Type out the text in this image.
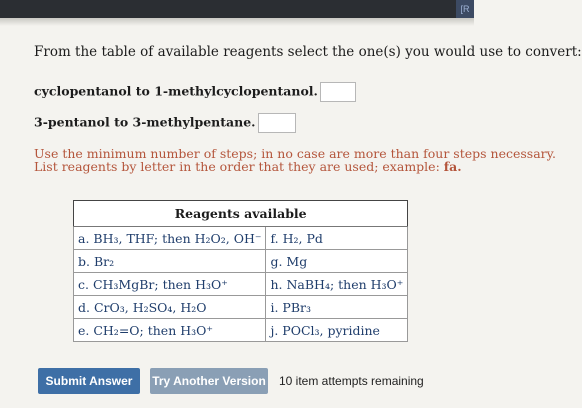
[R
From the table of available reagents select the one(s) you would use to convert:
cyclopentanol to 1-methylcyclopentanol.
3-pentanol to 3-methylpentane.
Use the minimum number of steps; in no case are more than four steps necessary.
List reagents by letter in the order that they are used; example: fa.
Reagents available	
a. BH₃, THF; then H₂O₂, OH⁻	f. H₂, Pd
b. Br₂	g. Mg
c. CH₃MgBr; then H₃O⁺	h. NaBH₄; then H₃O⁺
d. CrO₃, H₂SO₄, H₂O	i. PBr₃
e. CH₂=O; then H₃O⁺	j. POCl₃, pyridine
Submit Answer	Try Another Version 10 item attempts remaining
